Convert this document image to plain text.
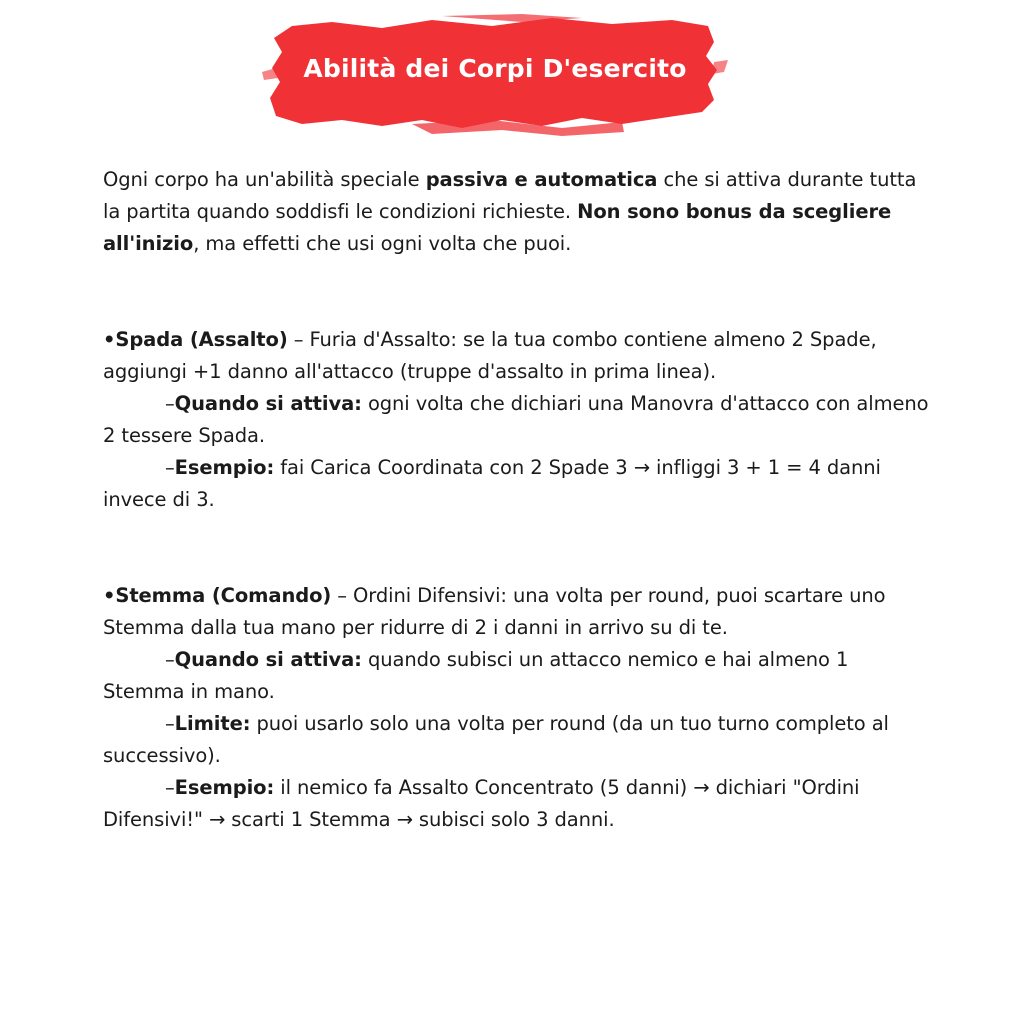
Abilità dei Corpi D'esercito

Ogni corpo ha un'abilità speciale passiva e automatica che si attiva durante tutta la partita quando soddisfi le condizioni richieste. Non sono bonus da scegliere all'inizio, ma effetti che usi ogni volta che puoi.

•Spada (Assalto) – Furia d'Assalto: se la tua combo contiene almeno 2 Spade, aggiungi +1 danno all'attacco (truppe d'assalto in prima linea).

–Quando si attiva: ogni volta che dichiari una Manovra d'attacco con almeno 2 tessere Spada.

–Esempio: fai Carica Coordinata con 2 Spade 3 → infliggi 3 + 1 = 4 danni invece di 3.

•Stemma (Comando) – Ordini Difensivi: una volta per round, puoi scartare uno Stemma dalla tua mano per ridurre di 2 i danni in arrivo su di te.

–Quando si attiva: quando subisci un attacco nemico e hai almeno 1 Stemma in mano.

–Limite: puoi usarlo solo una volta per round (da un tuo turno completo al successivo).

–Esempio: il nemico fa Assalto Concentrato (5 danni) → dichiari "Ordini Difensivi!" → scarti 1 Stemma → subisci solo 3 danni.
